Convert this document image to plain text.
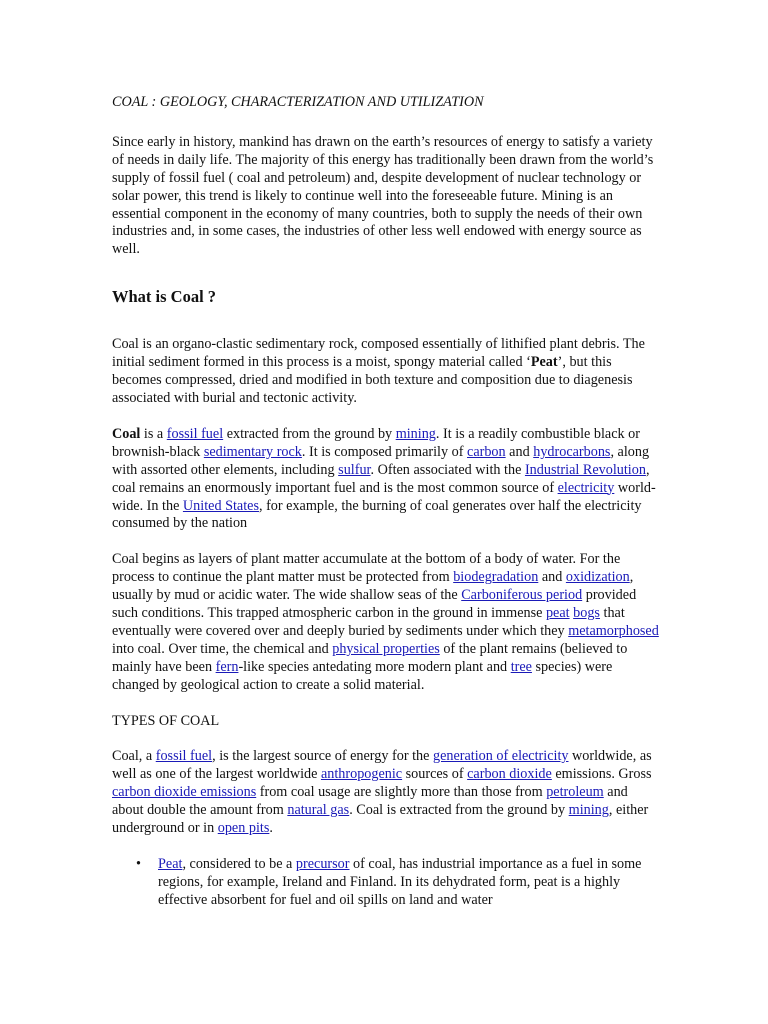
COAL : GEOLOGY, CHARACTERIZATION AND UTILIZATION

Since early in history, mankind has drawn on the earth’s resources of energy to satisfy a variety of needs in daily life. The majority of this energy has traditionally been drawn from the world’s supply of fossil fuel ( coal and petroleum) and, despite development of nuclear technology or solar power, this trend is likely to continue well into the foreseeable future. Mining is an essential component in the economy of many countries, both to supply the needs of their own industries and, in some cases, the industries of other less well endowed with energy source as well.

What is Coal ?

Coal is an organo-clastic sedimentary rock, composed essentially of lithified plant debris. The initial sediment formed in this process is a moist, spongy material called ‘Peat’, but this becomes compressed, dried and modified in both texture and composition due to diagenesis associated with burial and tectonic activity.

Coal is a fossil fuel extracted from the ground by mining. It is a readily combustible black or brownish-black sedimentary rock. It is composed primarily of carbon and hydrocarbons, along with assorted other elements, including sulfur. Often associated with the Industrial Revolution, coal remains an enormously important fuel and is the most common source of electricity world-wide. In the United States, for example, the burning of coal generates over half the electricity consumed by the nation

Coal begins as layers of plant matter accumulate at the bottom of a body of water. For the process to continue the plant matter must be protected from biodegradation and oxidization, usually by mud or acidic water. The wide shallow seas of the Carboniferous period provided such conditions. This trapped atmospheric carbon in the ground in immense peat bogs that eventually were covered over and deeply buried by sediments under which they metamorphosed into coal. Over time, the chemical and physical properties of the plant remains (believed to mainly have been fern-like species antedating more modern plant and tree species) were changed by geological action to create a solid material.

TYPES OF COAL

Coal, a fossil fuel, is the largest source of energy for the generation of electricity worldwide, as well as one of the largest worldwide anthropogenic sources of carbon dioxide emissions. Gross carbon dioxide emissions from coal usage are slightly more than those from petroleum and about double the amount from natural gas. Coal is extracted from the ground by mining, either underground or in open pits.

• Peat, considered to be a precursor of coal, has industrial importance as a fuel in some regions, for example, Ireland and Finland. In its dehydrated form, peat is a highly effective absorbent for fuel and oil spills on land and water
